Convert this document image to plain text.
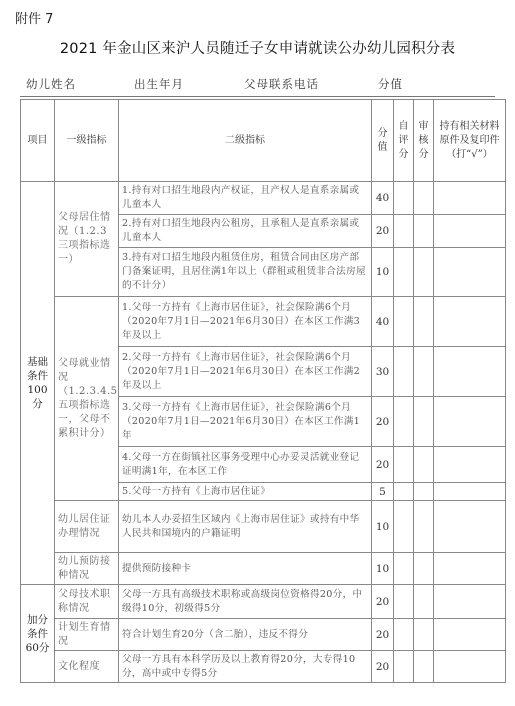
附件 7
2021 年金山区来沪人员随迁子女申请就读公办幼儿园积分表
幼儿姓名	出生年月	父母联系电话	分值
项目	一级指标	二级指标	分值	自评分	审核分	持有相关材料原件及复印件（打“√”）
基础条件 100分	父母居住情况（1.2.3三项指标选一）	1.持有对口招生地段内产权证，且产权人是直系亲属或儿童本人	40			
		2.持有对口招生地段内公租房，且承租人是直系亲属或儿童本人	20			
		3.持有对口招生地段内租赁住房，租赁合同由区房产部门备案证明，且居住满1年以上（群租或租赁非合法房屋的不计分）	10			
	父母就业情况（1.2.3.4.5五项指标选一，父母不累积计分）	1.父母一方持有《上海市居住证》，社会保险满6个月（2020年7月1日—2021年6月30日）在本区工作满3年及以上	40			
		2.父母一方持有《上海市居住证》，社会保险满6个月（2020年7月1日—2021年6月30日）在本区工作满2年及以上	30			
		3.父母一方持有《上海市居住证》，社会保险满6个月（2020年7月1日—2021年6月30日）在本区工作满1年	20			
		4.父母一方在街镇社区事务受理中心办妥灵活就业登记证明满1年，在本区工作	20			
		5.父母一方持有《上海市居住证》	5			
	幼儿居住证办理情况	幼儿本人办妥招生区域内《上海市居住证》或持有中华人民共和国境内的户籍证明	10			
	幼儿预防接种情况	提供预防接种卡	10			
加分条件 60分	父母技术职称情况	父母一方具有高级技术职称或高级岗位资格得20分，中级得10分，初级得5分	20			
	计划生育情况	符合计划生育20分（含二胎），违反不得分	20			
	文化程度	父母一方具有本科学历及以上教育得20分，大专得10分，高中或中专得5分	20			
